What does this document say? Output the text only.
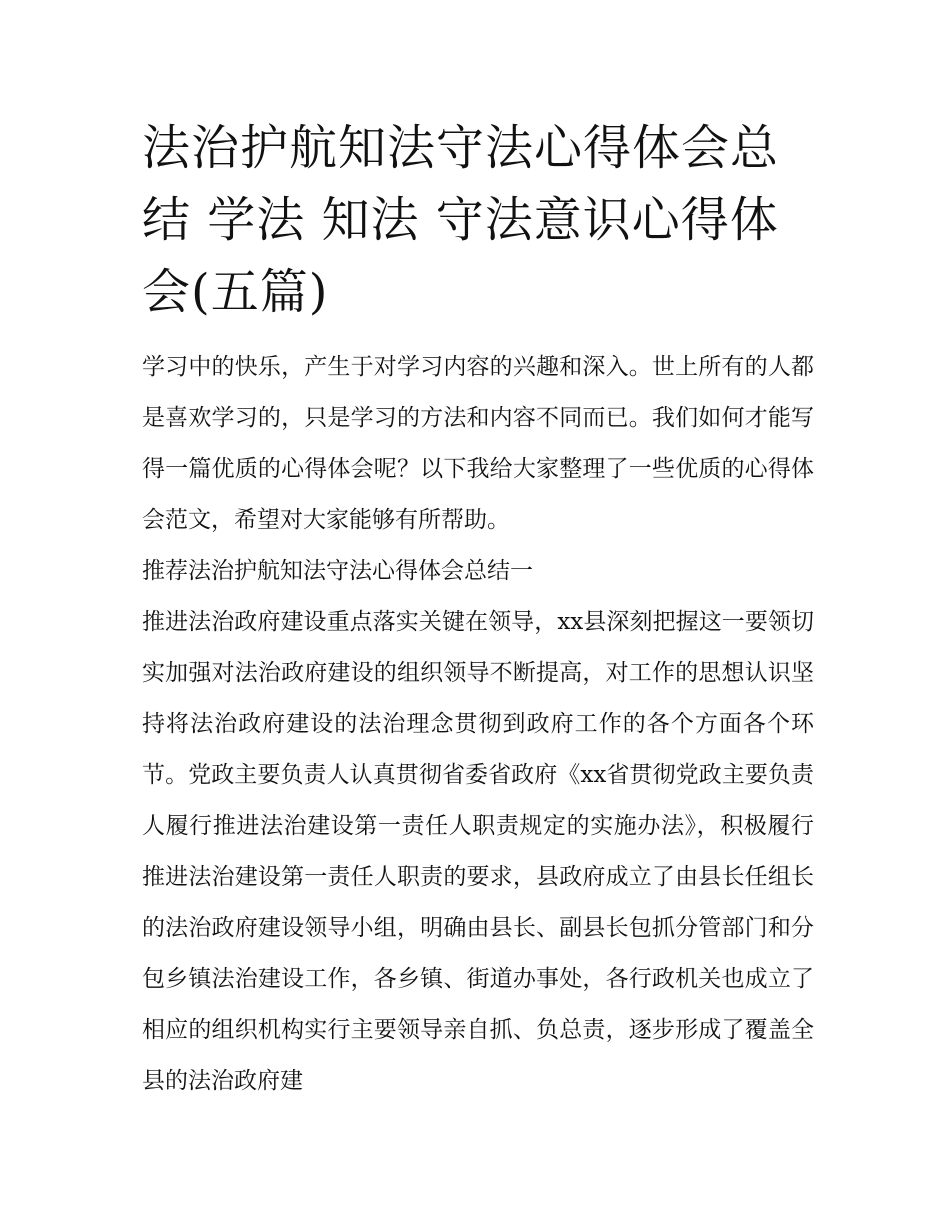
法治护航知法守法心得体会总结 学法 知法 守法意识心得体会(五篇)

学习中的快乐，产生于对学习内容的兴趣和深入。世上所有的人都是喜欢学习的，只是学习的方法和内容不同而已。我们如何才能写得一篇优质的心得体会呢？以下我给大家整理了一些优质的心得体会范文，希望对大家能够有所帮助。

推荐法治护航知法守法心得体会总结一

推进法治政府建设重点落实关键在领导，xx县深刻把握这一要领切实加强对法治政府建设的组织领导不断提高，对工作的思想认识坚持将法治政府建设的法治理念贯彻到政府工作的各个方面各个环节。党政主要负责人认真贯彻省委省政府《xx省贯彻党政主要负责人履行推进法治建设第一责任人职责规定的实施办法》，积极履行推进法治建设第一责任人职责的要求，县政府成立了由县长任组长的法治政府建设领导小组，明确由县长、副县长包抓分管部门和分包乡镇法治建设工作，各乡镇、街道办事处，各行政机关也成立了相应的组织机构实行主要领导亲自抓、负总责，逐步形成了覆盖全县的法治政府建
